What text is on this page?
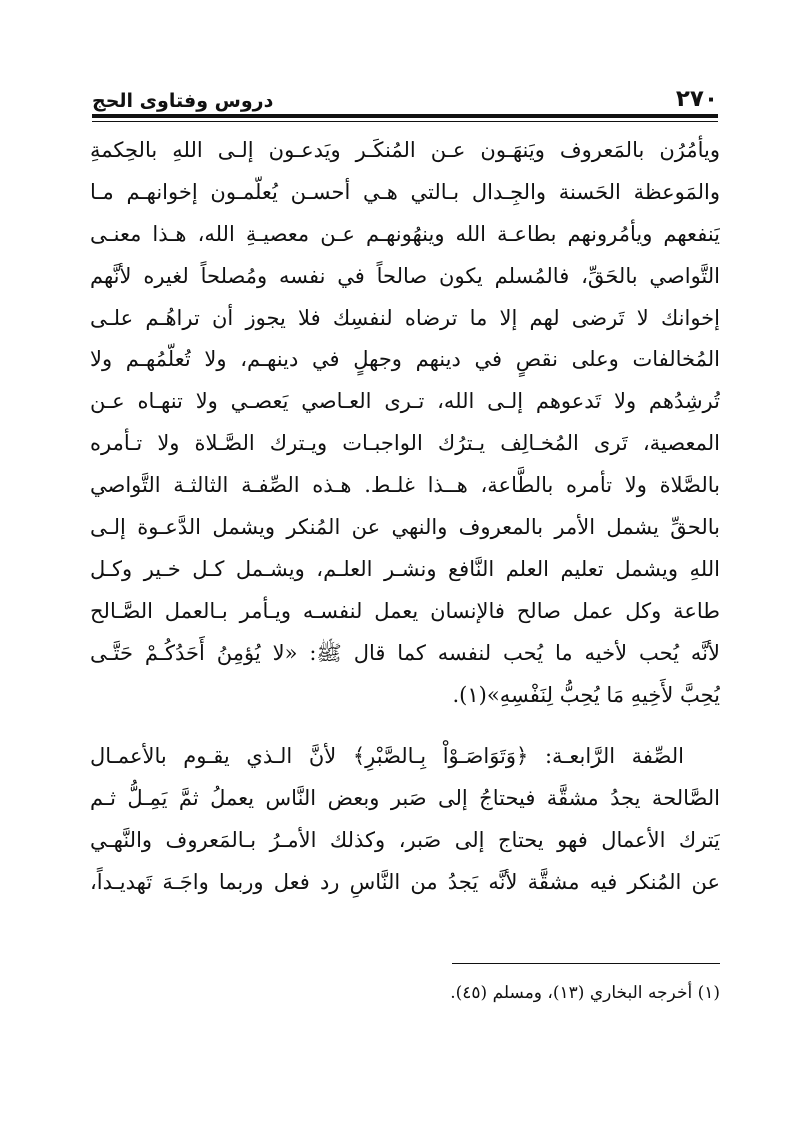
دروس وفتاوى الحج	٢٧٠
ويأمُرُن بالمَعروف ويَنهَـون عـن المُنكَـر ويَدعـون إلـى اللهِ بالحِكمةِ
والمَوعظة الحَسنة والجِـدال بـالتي هـي أحسـن يُعلّمـون إخوانهـم مـا
يَنفعهم ويأمُرونهم بطاعـة الله وينهُونهـم عـن معصيـةِ الله، هـذا معنـى
التَّواصي بالحَقِّ، فالمُسلم يكون صالحاً في نفسه ومُصلحاً لغيره لأنَّهم
إخوانك لا تَرضى لهم إلا ما ترضاه لنفسِك فلا يجوز أن تراهُـم علـى
المُخالفات وعلى نقصٍ في دينهم وجهلٍ في دينهـم، ولا تُعلّمُهـم ولا
تُرشِدُهم ولا تَدعوهم إلـى الله، تـرى العـاصي يَعصـي ولا تنهـاه عـن
المعصية، تَرى المُخـالِف يـترُك الواجبـات ويـترك الصَّـلاة ولا تـأمره
بالصَّلاة ولا تأمره بالطَّاعة، هــذا غلـط. هـذه الصِّفـة الثالثـة التَّواصي
بالحقِّ يشمل الأمر بالمعروف والنهي عن المُنكر ويشمل الدَّعـوة إلـى
اللهِ ويشمل تعليم العلم النَّافع ونشـر العلـم، ويشـمل كـل خـير وكـل
طاعة وكل عمل صالح فالإنسان يعمل لنفسـه ويـأمر بـالعمل الصَّـالح
لأنَّه يُحب لأخيه ما يُحب لنفسه كما قال ﷺ: «لا يُؤمِنُ أَحَدُكُـمْ حَتَّـى
يُحِبَّ لأَخِيهِ مَا يُحِبُّ لِنَفْسِهِ»(١).
الصِّفة الرَّابعـة: ﴿وَتَوَاصَـوْاْ بِـالصَّبْرِ﴾ لأنَّ الـذي يقـوم بالأعمـال
الصَّالحة يجدُ مشقَّة فيحتاجُ إلى صَبر وبعض النَّاس يعملُ ثمَّ يَمِـلُّ ثـم
يَترك الأعمال فهو يحتاج إلى صَبر، وكذلك الأمـرُ بـالمَعروف والنَّهـي
عن المُنكر فيه مشقَّة لأنَّه يَجدُ من النَّاسِ رد فعل وربما واجَـهَ تَهديـداً،
(١) أخرجه البخاري (١٣)، ومسلم (٤٥).
